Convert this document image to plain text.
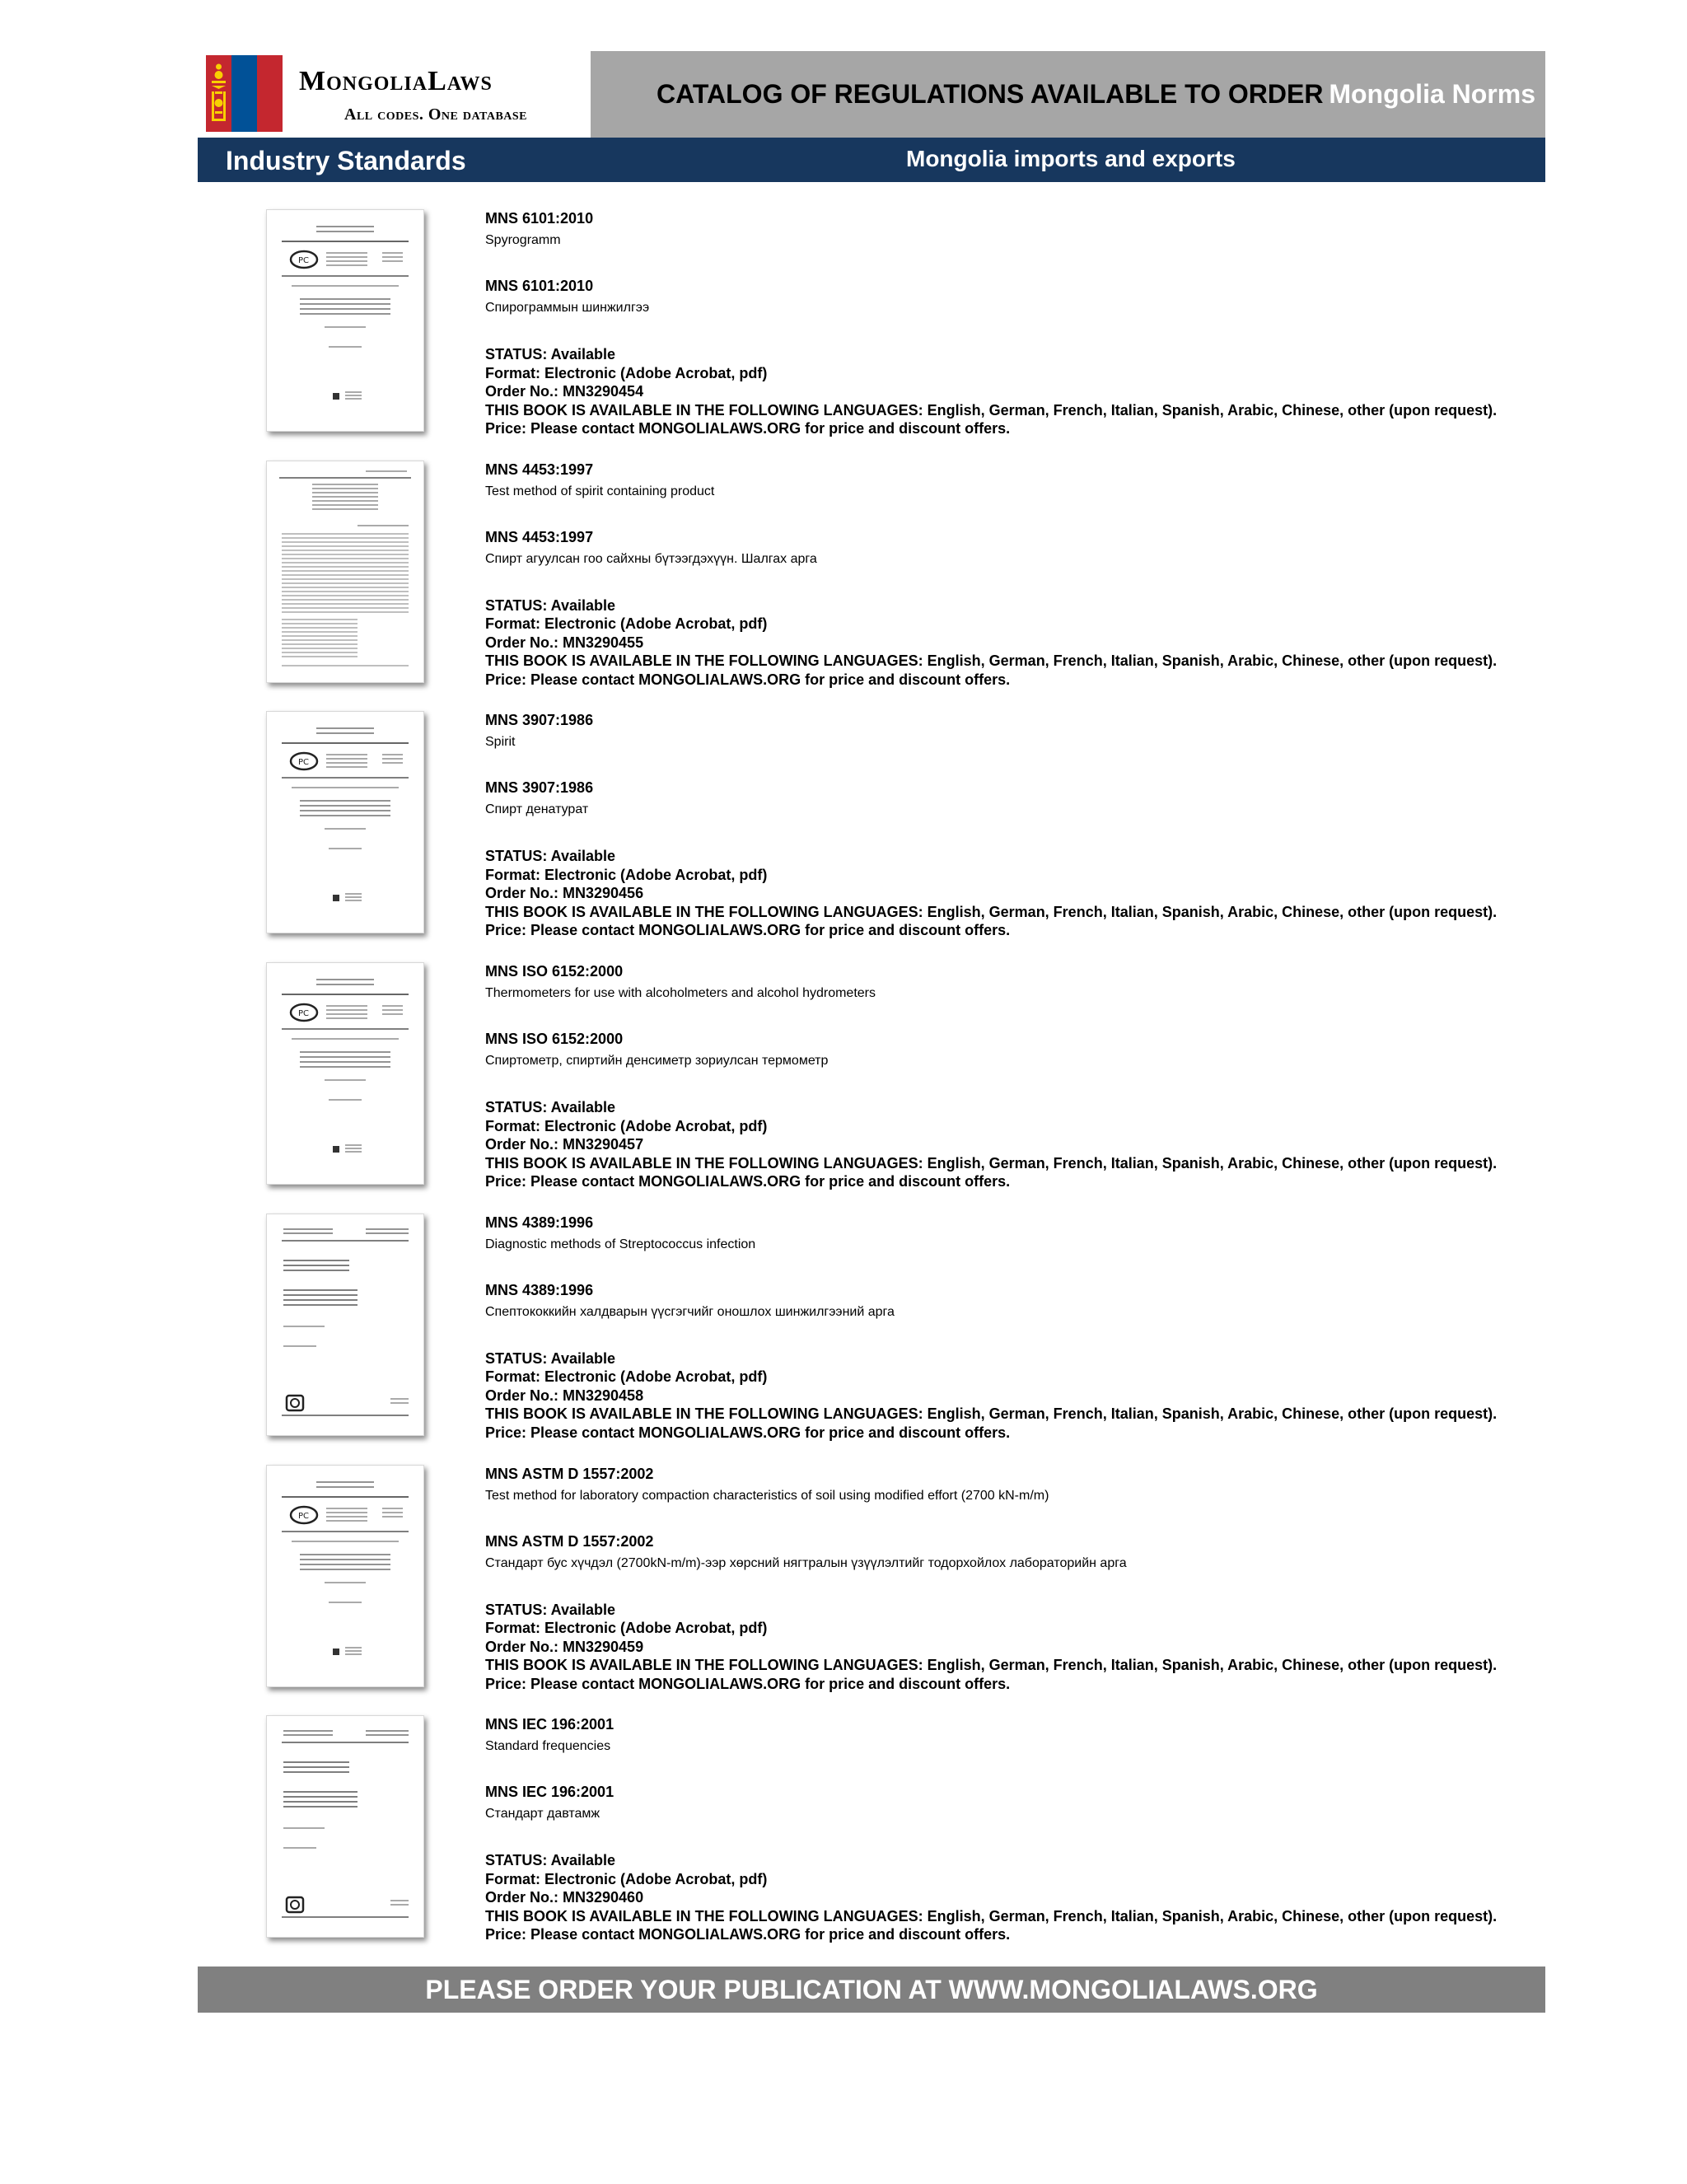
MongoliaLaws
All codes. One database
CATALOG OF REGULATIONS AVAILABLE TO ORDER Mongolia Norms
Industry Standards	Mongolia imports and exports
PC
MNS 6101:2010
Spyrogramm
MNS 6101:2010
Спирограммын шинжилгээ
STATUS: Available
Format: Electronic (Adobe Acrobat, pdf)
Order No.: MN3290454
THIS BOOK IS AVAILABLE IN THE FOLLOWING LANGUAGES: English, German, French, Italian, Spanish, Arabic, Chinese, other (upon request).
Price: Please contact MONGOLIALAWS.ORG for price and discount offers.
MNS 4453:1997
Test method of spirit containing product
MNS 4453:1997
Спирт агуулсан гоо сайхны бүтээгдэхүүн. Шалгах арга
STATUS: Available
Format: Electronic (Adobe Acrobat, pdf)
Order No.: MN3290455
THIS BOOK IS AVAILABLE IN THE FOLLOWING LANGUAGES: English, German, French, Italian, Spanish, Arabic, Chinese, other (upon request).
Price: Please contact MONGOLIALAWS.ORG for price and discount offers.
PC
MNS 3907:1986
Spirit
MNS 3907:1986
Спирт денатурат
STATUS: Available
Format: Electronic (Adobe Acrobat, pdf)
Order No.: MN3290456
THIS BOOK IS AVAILABLE IN THE FOLLOWING LANGUAGES: English, German, French, Italian, Spanish, Arabic, Chinese, other (upon request).
Price: Please contact MONGOLIALAWS.ORG for price and discount offers.
PC
MNS ISO 6152:2000
Thermometers for use with alcoholmeters and alcohol hydrometers
MNS ISO 6152:2000
Спиртометр, спиртийн денсиметр зориулсан термометр
STATUS: Available
Format: Electronic (Adobe Acrobat, pdf)
Order No.: MN3290457
THIS BOOK IS AVAILABLE IN THE FOLLOWING LANGUAGES: English, German, French, Italian, Spanish, Arabic, Chinese, other (upon request).
Price: Please contact MONGOLIALAWS.ORG for price and discount offers.
MNS 4389:1996
Diagnostic methods of Streptococcus infection
MNS 4389:1996
Спептококкийн халдварын үүсгэгчийг оношлох шинжилгээний арга
STATUS: Available
Format: Electronic (Adobe Acrobat, pdf)
Order No.: MN3290458
THIS BOOK IS AVAILABLE IN THE FOLLOWING LANGUAGES: English, German, French, Italian, Spanish, Arabic, Chinese, other (upon request).
Price: Please contact MONGOLIALAWS.ORG for price and discount offers.
PC
MNS ASTM D 1557:2002
Test method for laboratory compaction characteristics of soil using modified effort (2700 kN-m/m)
MNS ASTM D 1557:2002
Стандарт бус хүчдэл (2700kN-m/m)-ээр хөрсний нягтралын үзүүлэлтийг тодорхойлох лабораторийн арга
STATUS: Available
Format: Electronic (Adobe Acrobat, pdf)
Order No.: MN3290459
THIS BOOK IS AVAILABLE IN THE FOLLOWING LANGUAGES: English, German, French, Italian, Spanish, Arabic, Chinese, other (upon request).
Price: Please contact MONGOLIALAWS.ORG for price and discount offers.
MNS IEC 196:2001
Standard frequencies
MNS IEC 196:2001
Стандарт давтамж
STATUS: Available
Format: Electronic (Adobe Acrobat, pdf)
Order No.: MN3290460
THIS BOOK IS AVAILABLE IN THE FOLLOWING LANGUAGES: English, German, French, Italian, Spanish, Arabic, Chinese, other (upon request).
Price: Please contact MONGOLIALAWS.ORG for price and discount offers.
PLEASE ORDER YOUR PUBLICATION AT WWW.MONGOLIALAWS.ORG
